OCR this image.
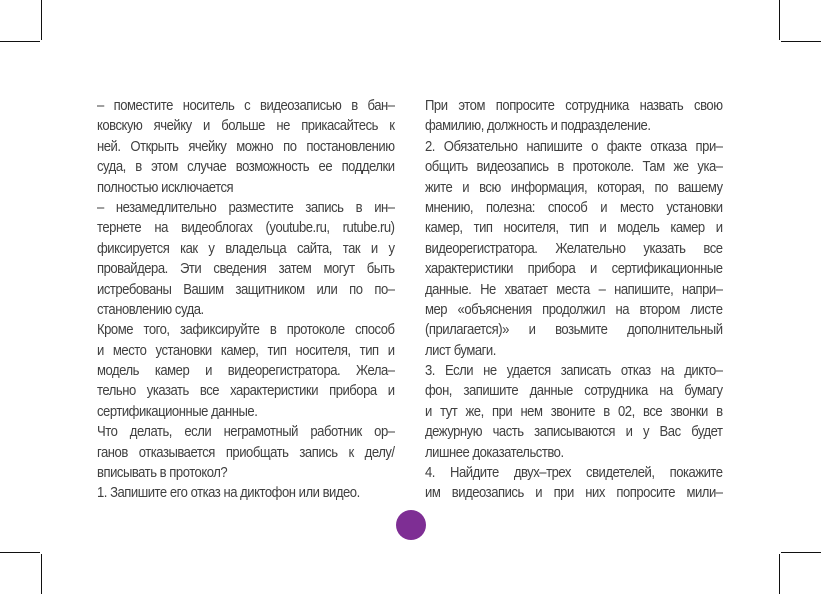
– поместите носитель с видеозаписью в бан–
ковскую ячейку и больше не прикасайтесь к
ней. Открыть ячейку можно по постановлению
суда, в этом случае возможность ее подделки
полностью исключается
– незамедлительно разместите запись в ин–
тернете на видеоблогах (youtube.ru, rutube.ru)
фиксируется как у владельца сайта, так и у
провайдера. Эти сведения затем могут быть
истребованы Вашим защитником или по по–
становлению суда.
Кроме того, зафиксируйте в протоколе способ
и место установки камер, тип носителя, тип и
модель камер и видеорегистратора. Жела–
тельно указать все характеристики прибора и
сертификационные данные.
Что делать, если неграмотный работник ор–
ганов отказывается приобщать запись к делу/
вписывать в протокол?
1. Запишите его отказ на диктофон или видео.
При этом попросите сотрудника назвать свою
фамилию, должность и подразделение.
2. Обязательно напишите о факте отказа при–
общить видеозапись в протоколе. Там же ука–
жите и всю информация, которая, по вашему
мнению, полезна: способ и место установки
камер, тип носителя, тип и модель камер и
видеорегистратора. Желательно указать все
характеристики прибора и сертификационные
данные. Не хватает места – напишите, напри–
мер «объяснения продолжил на втором листе
(прилагается)» и возьмите дополнительный
лист бумаги.
3. Если не удается записать отказ на дикто–
фон, запишите данные сотрудника на бумагу
и тут же, при нем звоните в 02, все звонки в
дежурную часть записываются и у Вас будет
лишнее доказательство.
4. Найдите двух–трех свидетелей, покажите
им видеозапись и при них попросите мили–
